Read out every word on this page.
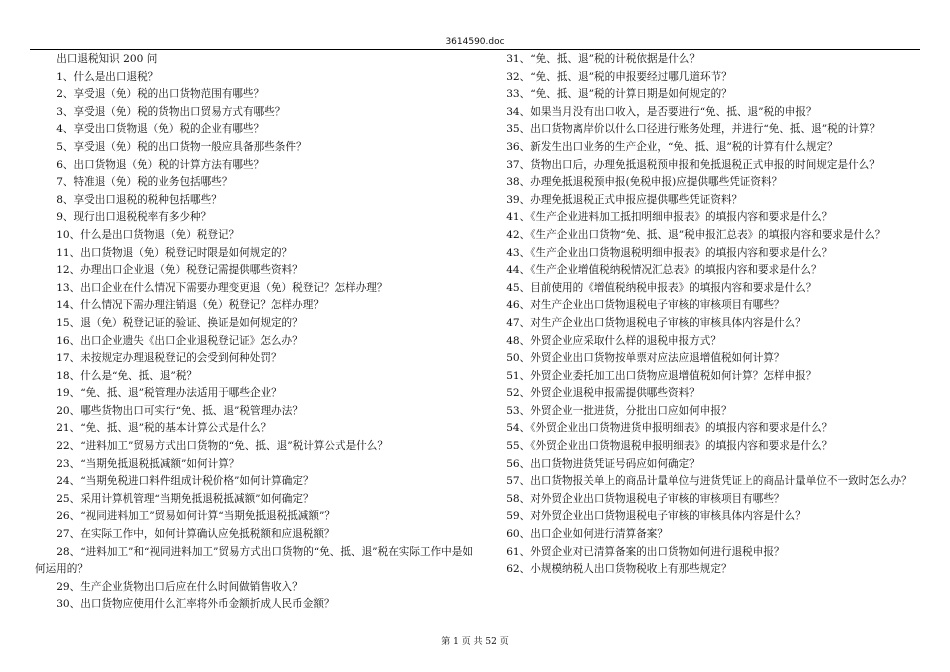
3614590.doc
出口退税知识 200 问
1、什么是出口退税？
2、享受退（免）税的出口货物范围有哪些？
3、享受退（免）税的货物出口贸易方式有哪些？
4、享受出口货物退（免）税的企业有哪些？
5、享受退（免）税的出口货物一般应具备那些条件？
6、出口货物退（免）税的计算方法有哪些？
7、特准退（免）税的业务包括哪些？
8、享受出口退税的税种包括哪些？
9、现行出口退税税率有多少种？
10、什么是出口货物退（免）税登记？
11、出口货物退（免）税登记时限是如何规定的？
12、办理出口企业退（免）税登记需提供哪些资料？
13、出口企业在什么情况下需要办理变更退（免）税登记？怎样办理？
14、什么情况下需办理注销退（免）税登记？怎样办理？
15、退（免）税登记证的验证、换证是如何规定的？
16、出口企业遗失《出口企业退税登记证》怎么办？
17、未按规定办理退税登记的会受到何种处罚？
18、什么是“免、抵、退”税？
19、“免、抵、退”税管理办法适用于哪些企业？
20、哪些货物出口可实行“免、抵、退”税管理办法？
21、“免、抵、退”税的基本计算公式是什么？
22、“进料加工”贸易方式出口货物的“免、抵、退”税计算公式是什么？
23、“当期免抵退税抵减额”如何计算？
24、“当期免税进口料件组成计税价格”如何计算确定？
25、采用计算机管理“当期免抵退税抵减额”如何确定？
26、“视同进料加工”贸易如何计算“当期免抵退税抵减额”？
27、在实际工作中，如何计算确认应免抵税额和应退税额？
28、“进料加工”和“视同进料加工”贸易方式出口货物的“免、抵、退”税在实际工作中是如何运用的？
29、生产企业货物出口后应在什么时间做销售收入？
30、出口货物应使用什么汇率将外币金额折成人民币金额？
31、“免、抵、退”税的计税依据是什么？
32、“免、抵、退”税的申报要经过哪几道环节？
33、“免、抵、退”税的计算日期是如何规定的？
34、如果当月没有出口收入，是否要进行“免、抵、退”税的申报？
35、出口货物离岸价以什么口径进行账务处理，并进行“免、抵、退”税的计算？
36、新发生出口业务的生产企业，“免、抵、退”税的计算有什么规定？
37、货物出口后，办理免抵退税预申报和免抵退税正式申报的时间规定是什么？
38、办理免抵退税预申报(免税申报)应提供哪些凭证资料？
39、办理免抵退税正式申报应提供哪些凭证资料？
41、《生产企业进料加工抵扣明细申报表》的填报内容和要求是什么？
42、《生产企业出口货物“免、抵、退”税申报汇总表》的填报内容和要求是什么？
43、《生产企业出口货物退税明细申报表》的填报内容和要求是什么？
44、《生产企业增值税纳税情况汇总表》的填报内容和要求是什么？
45、目前使用的《增值税纳税申报表》的填报内容和要求是什么？
46、对生产企业出口货物退税电子审核的审核项目有哪些？
47、对生产企业出口货物退税电子审核的审核具体内容是什么？
48、外贸企业应采取什么样的退税申报方式？
50、外贸企业出口货物按单票对应法应退增值税如何计算？
51、外贸企业委托加工出口货物应退增值税如何计算？怎样申报？
52、外贸企业退税申报需提供哪些资料？
53、外贸企业一批进货，分批出口应如何申报？
54、《外贸企业出口货物进货申报明细表》的填报内容和要求是什么？
55、《外贸企业出口货物退税申报明细表》的填报内容和要求是什么？
56、出口货物进货凭证号码应如何确定？
57、出口货物报关单上的商品计量单位与进货凭证上的商品计量单位不一致时怎么办？
58、对外贸企业出口货物退税电子审核的审核项目有哪些？
59、对外贸企业出口货物退税电子审核的审核具体内容是什么？
60、出口企业如何进行清算备案？
61、外贸企业对已清算备案的出口货物如何进行退税申报？
62、小规模纳税人出口货物税收上有那些规定？
第 1 页 共 52 页
